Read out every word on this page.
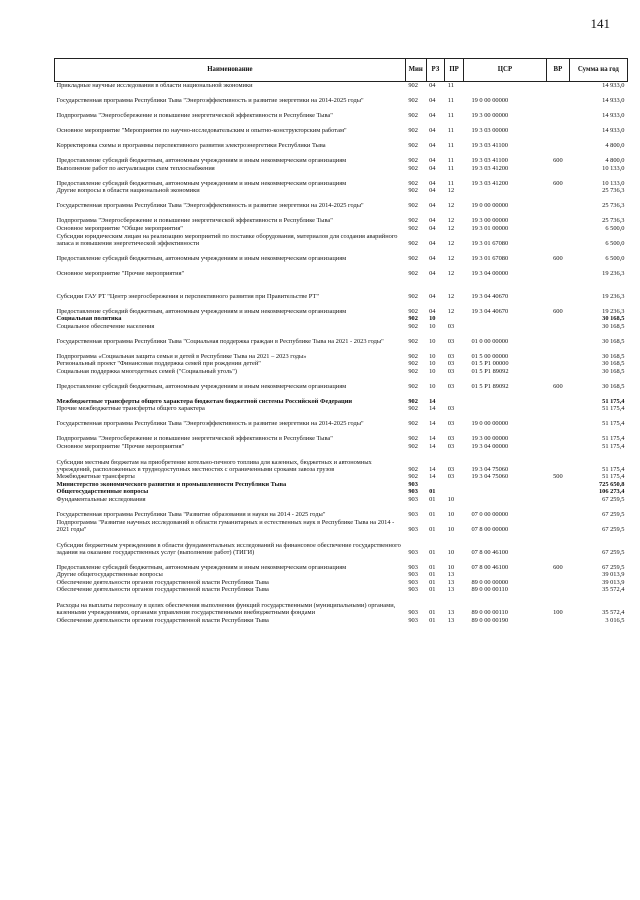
141
Наименование	Мин	РЗ	ПР	ЦСР	ВР	Сумма на год
Прикладные научные исследования в области национальной экономики	902	04	11			14 933,0
Государственная программа Республики Тыва "Энергоэффективность и развитие энергетики на 2014-2025 годы"	902	04	11	19 0 00 00000		14 933,0
Подпрограмма "Энергосбережение и повышение энергетической эффективности в Республике Тыва"	902	04	11	19 3 00 00000		14 933,0
Основное мероприятие "Мероприятия по научно-исследовательским и опытно-конструкторским работам"	902	04	11	19 3 03 00000		14 933,0
Корректировка схемы и программы перспективного развития электроэнергетики Республики Тыва	902	04	11	19 3 03 41100		4 800,0
Предоставление субсидий бюджетным, автономным учреждениям и иным некоммерческим организациям	902	04	11	19 3 03 41100	600	4 800,0
Выполнение работ по актуализации схем теплоснабжения	902	04	11	19 3 03 41200		10 133,0
Предоставление субсидий бюджетным, автономным учреждениям и иным некоммерческим организациям	902	04	11	19 3 03 41200	600	10 133,0
Другие вопросы в области национальной экономики	902	04	12			25 736,3
Государственная программа Республики Тыва "Энергоэффективность и развитие энергетики на 2014-2025 годы"	902	04	12	19 0 00 00000		25 736,3
Подпрограмма "Энергосбережение и повышение энергетической эффективности в Республике Тыва"	902	04	12	19 3 00 00000		25 736,3
Основное мероприятие "Общие мероприятия"	902	04	12	19 3 01 00000		6 500,0
Субсидии юридическим лицам на реализацию мероприятий по поставке оборудования, материалов для создания аварийного запаса и повышения энергетической эффективности	902	04	12	19 3 01 67080		6 500,0
Предоставление субсидий бюджетным, автономным учреждениям и иным некоммерческим организациям	902	04	12	19 3 01 67080	600	6 500,0
Основное мероприятие "Прочие мероприятия"	902	04	12	19 3 04 00000		19 236,3
Субсидии ГАУ РТ "Центр энергосбережения и перспективного развития при Правительстве РТ"	902	04	12	19 3 04 40670		19 236,3
Предоставление субсидий бюджетным, автономным учреждениям и иным некоммерческим организациям	902	04	12	19 3 04 40670	600	19 236,3
Социальная политика	902	10				30 168,5
Социальное обеспечение населения	902	10	03			30 168,5
Государственная программа Республики Тыва "Социальная поддержка граждан в Республике Тыва на 2021 - 2023 годы"	902	10	03	01 0 00 00000		30 168,5
Подпрограмма «Социальная защита семьи и детей в Республике Тыва на 2021 – 2023 годы»	902	10	03	01 5 00 00000		30 168,5
Региональный проект "Финансовая поддержка семей при рождении детей"	902	10	03	01 5 P1 00000		30 168,5
Социальная поддержка многодетных семей ("Социальный уголь")	902	10	03	01 5 P1 89092		30 168,5
Предоставление субсидий бюджетным, автономным учреждениям и иным некоммерческим организациям	902	10	03	01 5 P1 89092	600	30 168,5
Межбюджетные трансферты общего характера бюджетам бюджетной системы Российской Федерации	902	14				51 175,4
Прочие межбюджетные трансферты общего характера	902	14	03			51 175,4
Государственная программа Республики Тыва "Энергоэффективность и развитие энергетики на 2014-2025 годы"	902	14	03	19 0 00 00000		51 175,4
Подпрограмма "Энергосбережение и повышение энергетической эффективности в Республике Тыва"	902	14	03	19 3 00 00000		51 175,4
Основное мероприятие "Прочие мероприятия"	902	14	03	19 3 04 00000		51 175,4
Субсидии местным бюджетам на приобретение котельно-печного топлива для казенных, бюджетных и автономных учреждений, расположенных в труднодоступных местностях с ограниченными сроками завоза грузов	902	14	03	19 3 04 75060		51 175,4
Межбюджетные трансферты	902	14	03	19 3 04 75060	500	51 175,4
Министерство экономического развития и промышленности Республики Тыва	903					725 650,8
Общегосударственные вопросы	903	01				106 273,4
Фундаментальные исследования	903	01	10			67 259,5
Государственная программа Республики Тыва "Развитие образования и науки на 2014 - 2025 годы"	903	01	10	07 0 00 00000		67 259,5
Подпрограмма "Развитие научных исследований в области гуманитарных и естественных наук в Республике Тыва на 2014 - 2021 годы"	903	01	10	07 8 00 00000		67 259,5
Субсидии бюджетным учреждениям в области фундаментальных исследований на финансовое обеспечение государственного задания на оказание государственных услуг (выполнение работ) (ТИГИ)	903	01	10	07 8 00 46100		67 259,5
Предоставление субсидий бюджетным, автономным учреждениям и иным некоммерческим организациям	903	01	10	07 8 00 46100	600	67 259,5
Другие общегосударственные вопросы	903	01	13			39 013,9
Обеспечение деятельности органов государственной власти Республики Тыва	903	01	13	89 0 00 00000		39 013,9
Обеспечение деятельности органов государственной власти Республики Тыва	903	01	13	89 0 00 00110		35 572,4
Расходы на выплаты персоналу в целях обеспечения выполнения функций государственными (муниципальными) органами, казенными учреждениями, органами управления государственными внебюджетными фондами	903	01	13	89 0 00 00110	100	35 572,4
Обеспечение деятельности органов государственной власти Республики Тыва	903	01	13	89 0 00 00190		3 016,5
